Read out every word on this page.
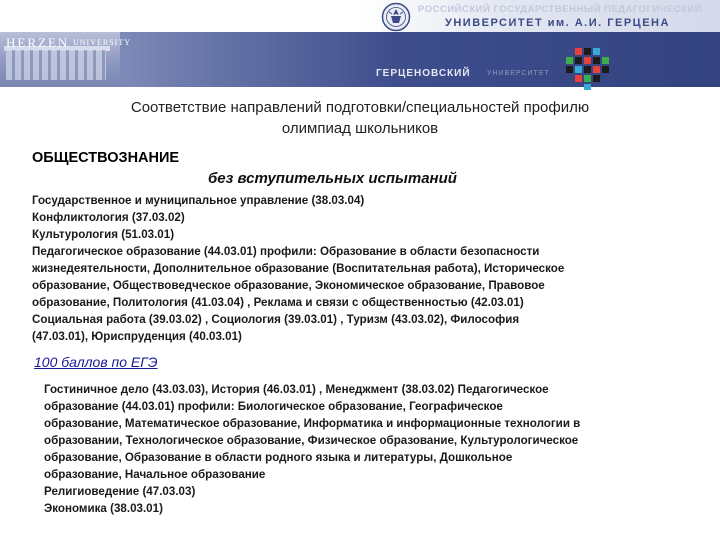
HERZEN UNIVERSITY
РОССИЙСКИЙ ГОСУДАРСТВЕННЫЙ ПЕДАГОГИЧЕСКИЙ
УНИВЕРСИТЕТ им. А.И. ГЕРЦЕНА
ГЕРЦЕНОВСКИЙ УНИВЕРСИТЕТ
Соответствие направлений подготовки/специальностей профилю
олимпиад школьников
ОБЩЕСТВОЗНАНИЕ
без вступительных испытаний
Государственное и муниципальное управление (38.03.04)
Конфликтология (37.03.02)
Культурология (51.03.01)
Педагогическое образование (44.03.01) профили: Образование в области безопасности
жизнедеятельности, Дополнительное образование (Воспитательная работа), Историческое
образование, Обществоведческое образование, Экономическое образование, Правовое
образование, Политология (41.03.04) , Реклама и связи с общественностью (42.03.01)
Социальная работа (39.03.02) , Социология (39.03.01) , Туризм (43.03.02), Философия
(47.03.01), Юриспруденция (40.03.01)
100 баллов по ЕГЭ
Гостиничное дело (43.03.03), История (46.03.01) , Менеджмент (38.03.02) Педагогическое
образование (44.03.01) профили: Биологическое образование, Географическое
образование, Математическое образование, Информатика и информационные технологии в
образовании, Технологическое образование, Физическое образование, Культурологическое
образование, Образование в области родного языка и литературы, Дошкольное
образование, Начальное образование
Религиоведение (47.03.03)
Экономика (38.03.01)
